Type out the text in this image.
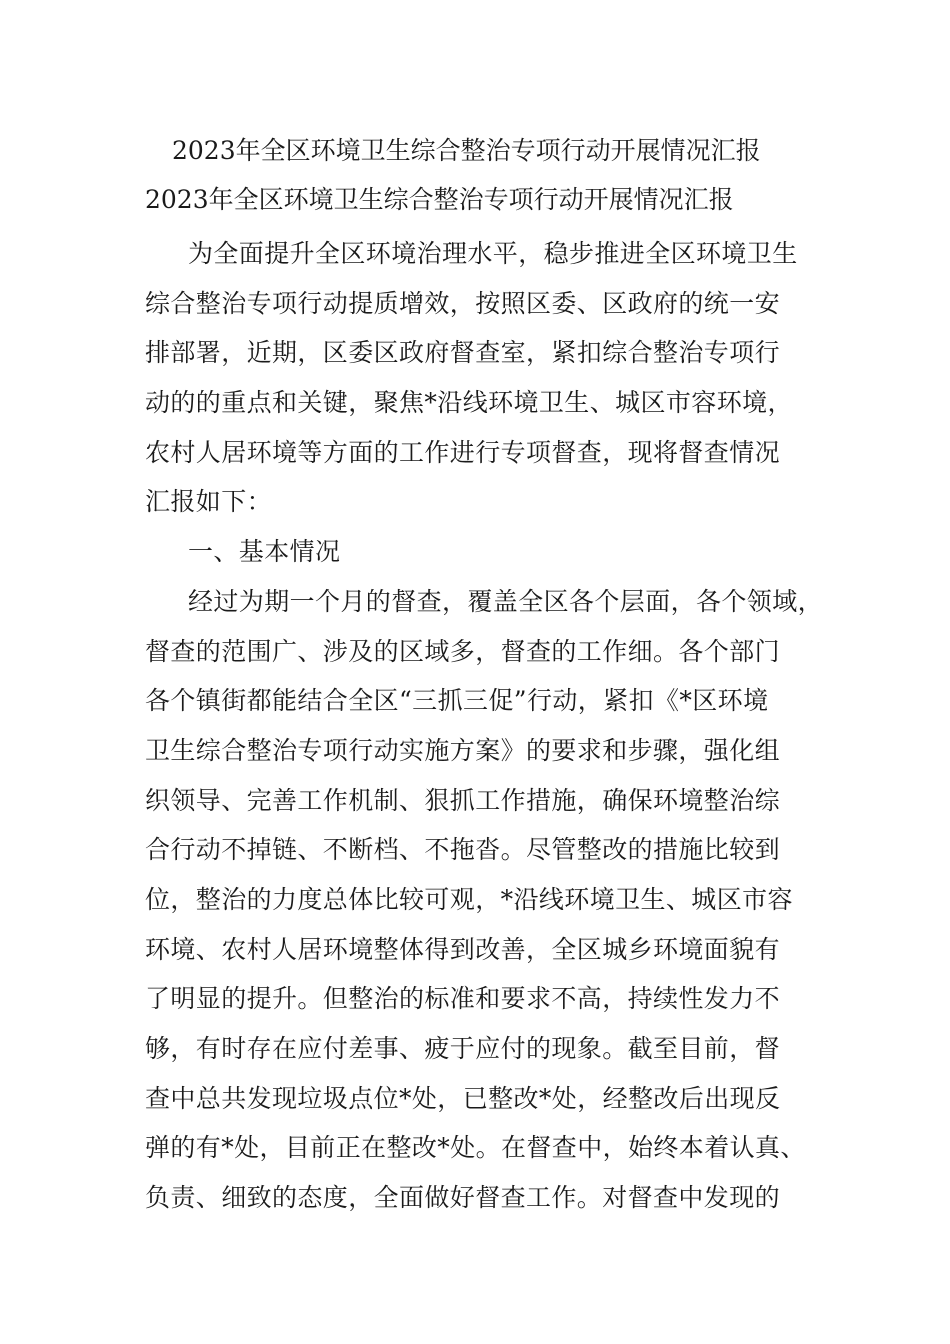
2023年全区环境卫生综合整治专项行动开展情况汇报
2023年全区环境卫生综合整治专项行动开展情况汇报
为全面提升全区环境治理水平，稳步推进全区环境卫生
综合整治专项行动提质增效，按照区委、区政府的统一安
排部署，近期，区委区政府督查室，紧扣综合整治专项行
动的的重点和关键，聚焦*沿线环境卫生、城区市容环境，
农村人居环境等方面的工作进行专项督查，现将督查情况
汇报如下：
一、基本情况
经过为期一个月的督查，覆盖全区各个层面，各个领域，
督查的范围广、涉及的区域多，督查的工作细。各个部门
各个镇街都能结合全区“三抓三促”行动，紧扣《*区环境
卫生综合整治专项行动实施方案》的要求和步骤，强化组
织领导、完善工作机制、狠抓工作措施，确保环境整治综
合行动不掉链、不断档、不拖沓。尽管整改的措施比较到
位，整治的力度总体比较可观，*沿线环境卫生、城区市容
环境、农村人居环境整体得到改善，全区城乡环境面貌有
了明显的提升。但整治的标准和要求不高，持续性发力不
够，有时存在应付差事、疲于应付的现象。截至目前，督
查中总共发现垃圾点位*处，已整改*处，经整改后出现反
弹的有*处，目前正在整改*处。在督查中，始终本着认真、
负责、细致的态度，全面做好督查工作。对督查中发现的
